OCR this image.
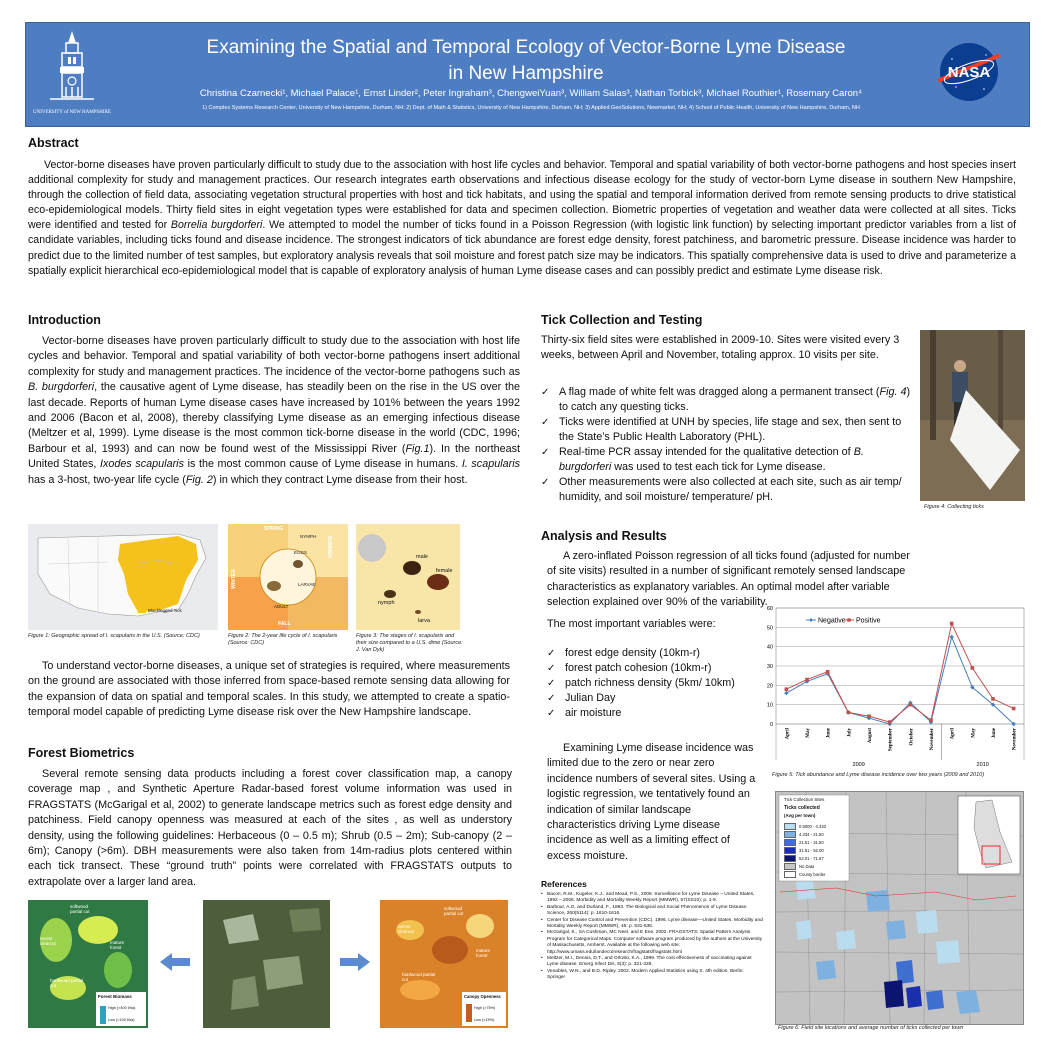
UNIVERSITY of NEW HAMPSHIRE
Examining the Spatial and Temporal Ecology of Vector-Borne Lyme Disease
in New Hampshire
Christina Czarnecki¹, Michael Palace¹, Ernst Linder², Peter Ingraham³, ChengweiYuan³, William Salas³, Nathan Torbick³, Michael Routhier¹, Rosemary Caron⁴
1) Complex Systems Research Center, University of New Hampshire, Durham, NH; 2) Dept. of Math & Statistics, University of New Hampshire, Durham, NH; 3) Applied GeoSolutions, Newmarket, NH; 4) School of Public Health, University of New Hampshire, Durham, NH
NASA
Abstract

Vector-borne diseases have proven particularly difficult to study due to the association with host life cycles and behavior. Temporal and spatial variability of both vector-borne pathogens and host species insert additional complexity for study and management practices. Our research integrates earth observations and infectious disease ecology for the study of vector-born Lyme disease in southern New Hampshire, through the collection of field data, associating vegetation structural properties with host and tick habitats, and using the spatial and temporal information derived from remote sensing products to drive statistical eco-epidemiological models. Thirty field sites in eight vegetation types were established for data and specimen collection. Biometric properties of vegetation and weather data were collected at all sites. Ticks were identified and tested for Borrelia burgdorferi. We attempted to model the number of ticks found in a Poisson Regression (with logistic link function) by selecting important predictor variables from a list of candidate variables, including ticks found and disease incidence. The strongest indicators of tick abundance are forest edge density, forest patchiness, and barometric pressure. Disease incidence was harder to predict due to the limited number of test samples, but exploratory analysis reveals that soil moisture and forest patch size may be indicators. This spatially comprehensive data is used to drive and parameterize a spatially explicit hierarchical eco-epidemiological model that is capable of exploratory analysis of human Lyme disease cases and can possibly predict and estimate Lyme disease risk.

Introduction

Vector-borne diseases have proven particularly difficult to study due to the association with host life cycles and behavior. Temporal and spatial variability of both vector-borne pathogens insert additional complexity for study and management practices. The incidence of the vector-borne pathogens such as B. burgdorferi, the causative agent of Lyme disease, has steadily been on the rise in the US over the last decade. Reports of human Lyme disease cases have increased by 101% between the years 1992 and 2006 (Bacon et al, 2008), thereby classifying Lyme disease as an emerging infectious disease (Meltzer et al, 1999). Lyme disease is the most common tick-borne disease in the world (CDC, 1996; Barbour et al, 1993) and can now be found west of the Mississippi River (Fig.1). In the northeast United States, Ixodes scapularis is the most common cause of Lyme disease in humans. I. scapularis has a 3-host, two-year life cycle (Fig. 2) in which they contract Lyme disease from their host.

Blacklegged Tick
Figure 1: Geographic spread of I. scapularis in the U.S. (Source: CDC)
SPRING
SUMMER
WINTER
FALL
EGGS
LARVAE
NYMPH
ADULT
Figure 2: The 2-year life cycle of I. scapularis (Source: CDC)
male
female
nymph
larva
Figure 3: The stages of I. scapularis and their size compared to a U.S. dime (Source: J. Van Dyk)

To understand vector-borne diseases, a unique set of strategies is required, where measurements on the ground are associated with those inferred from space-based remote sensing data allowing for the expansion of data on spatial and temporal scales. In this study, we attempted to create a spatio-temporal model capable of predicting Lyme disease risk over the New Hampshire landscape.

Forest Biometrics

Several remote sensing data products including a forest cover classification map, a canopy coverage map , and Synthetic Aperture Radar-based forest volume information was used in FRAGSTATS (McGarigal et al, 2002) to generate landscape metrics such as forest edge density and patchiness. Field canopy openness was measured at each of the sites , as well as understory density, using the following guidelines: Herbaceous (0 – 0.5 m); Shrub (0.5 – 2m); Sub-canopy (2 – 6m); Canopy (>6m). DBH measurements were also taken from 14m-radius plots centered within each tick transect. These “ground truth” points were correlated with FRAGSTATS outputs to extrapolate over a larger land area.

softwood partial cut
recent clearcut	mature forest
hardwood partial cut
Forest Biomass
High (>400 t/ha)
Low (<100 t/ha)
softwood partial cut
recent clearcut
mature forest
hardwood partial cut
Canopy Openness
High (>75%)
Low (<15%)
Tick Collection and Testing

Thirty-six field sites were established in 2009-10. Sites were visited every 3 weeks, between April and November, totaling approx. 10 visits per site.

✓ A flag made of white felt was dragged along a permanent transect (Fig. 4) to catch any questing ticks.
✓ Ticks were identified at UNH by species, life stage and sex, then sent to the State’s Public Health Laboratory (PHL).
✓ Real-time PCR assay intended for the qualitative detection of B. burgdorferi was used to test each tick for Lyme disease.
✓ Other measurements were also collected at each site, such as air temp/ humidity, and soil moisture/ temperature/ pH.
Figure 4: Collecting ticks
Analysis and Results

A zero-inflated Poisson regression of all ticks found (adjusted for number of site visits) resulted in a number of significant remotely sensed landscape characteristics as explanatory variables. An optimal model after variable selection explained over 90% of the variability.

The most important variables were:
✓ forest edge density (10km-r)
✓ forest patch cohesion (10km-r)
✓ patch richness density (5km/ 10km)
✓ Julian Day
✓ air moisture

Examining Lyme disease incidence was limited due to the zero or near zero incidence numbers of several sites. Using a logistic regression, we tentatively found an indication of similar landscape characteristics driving Lyme disease incidence as well as a limiting effect of excess moisture.

0
10
20
30
40
50
60
April	May	June	July	August	September	October	November	April	May	June	November
2009	2010
Negative Positive
Figure 5: Tick abundance and Lyme disease incidence over two years (2009 and 2010)
Tick Collection Sites
Ticks collected
(Avg per town)
0.5000 - 4.333
4.334 - 21.50
21.51 - 31.50
31.51 - 52.00
52.01 - 71.67
No Data
County border
Figure 6: Field site locations and average number of ticks collected per town
References
• Bacon, R.M., Kugeler, K.J., and Mead, P.S., 2008. Surveillance for Lyme Disease – United States, 1992 – 2006. Morbidity and Mortality Weekly Report (MMWR), 57(SS10): p. 1-9.
• Barbour, A.G. and Durland, F., 1993. The Biological and Social Phenomenon of Lyme Disease. Science, 260(5114): p. 1610-1616.
• Center for Disease Control and Prevention (CDC). 1996. Lyme disease—United States. Morbidity and Mortality Weekly Report (MMWR), 46: p. 531-535.
• McGarigal, K., SA Cushman, MC Neel, and E Ene. 2002. FRAGSTATS: Spatial Pattern Analysis Program for Categorical Maps. Computer software program produced by the authors at the University of Massachusetts, Amherst. Available at the following web site: http://www.umass.edu/landeco/research/fragstats/fragstats.html
• Meltzer, M.I., Dennis, D.T., and Orloski, K.A., 1999. The cost effectiveness of vaccinating against Lyme disease. Emerg Infect Dis, 5(3): p. 321-328.
• Venables, W.N., and B.D. Ripley. 2002. Modern Applied Statistics using S. 4th edition. Berlin: Springer
